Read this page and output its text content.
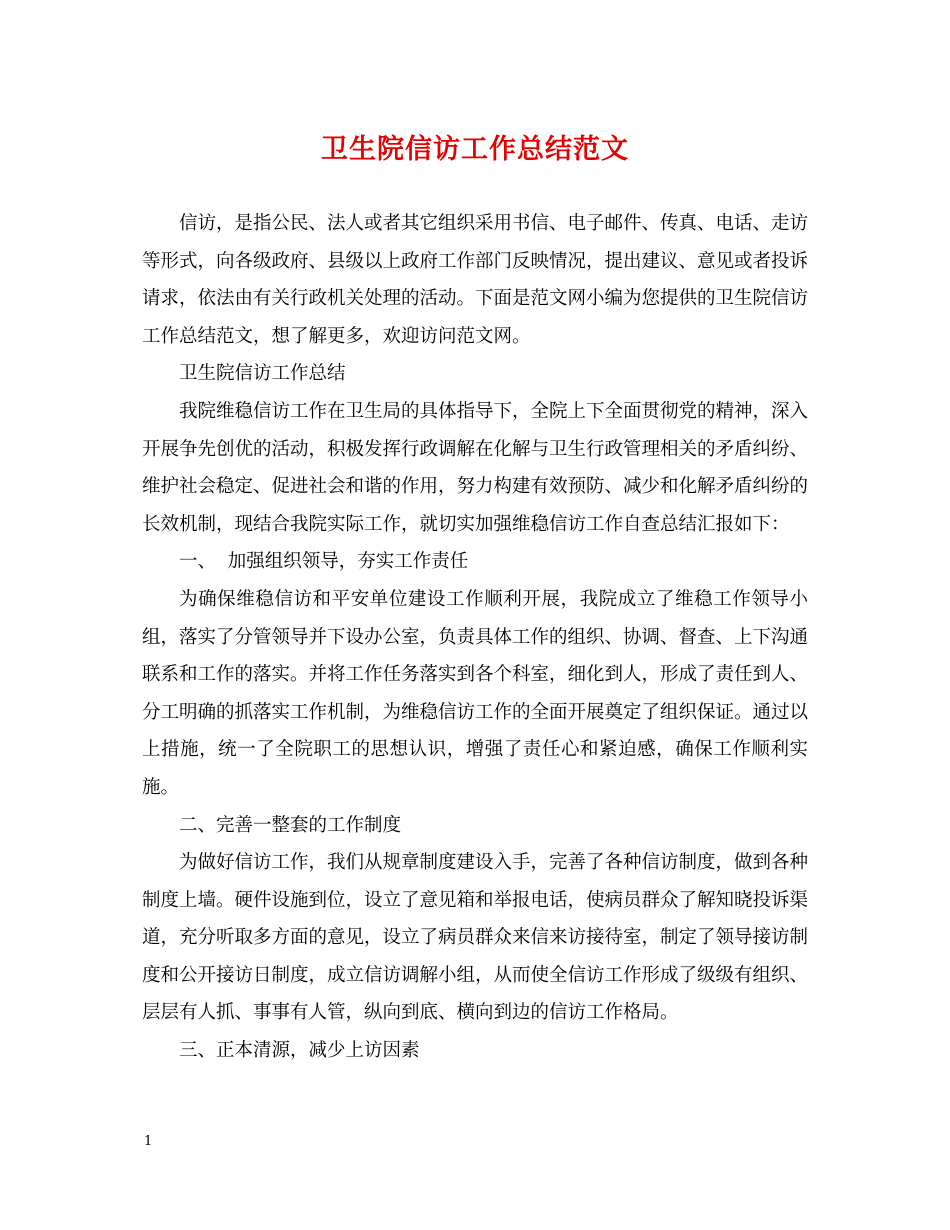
卫生院信访工作总结范文

信访，是指公民、法人或者其它组织采用书信、电子邮件、传真、电话、走访等形式，向各级政府、县级以上政府工作部门反映情况，提出建议、意见或者投诉请求，依法由有关行政机关处理的活动。下面是范文网小编为您提供的卫生院信访工作总结范文，想了解更多，欢迎访问范文网。

卫生院信访工作总结

我院维稳信访工作在卫生局的具体指导下，全院上下全面贯彻党的精神，深入开展争先创优的活动，积极发挥行政调解在化解与卫生行政管理相关的矛盾纠纷、维护社会稳定、促进社会和谐的作用，努力构建有效预防、减少和化解矛盾纠纷的长效机制，现结合我院实际工作，就切实加强维稳信访工作自查总结汇报如下：

一、  加强组织领导，夯实工作责任

为确保维稳信访和平安单位建设工作顺利开展，我院成立了维稳工作领导小组，落实了分管领导并下设办公室，负责具体工作的组织、协调、督查、上下沟通联系和工作的落实。并将工作任务落实到各个科室，细化到人，形成了责任到人、分工明确的抓落实工作机制，为维稳信访工作的全面开展奠定了组织保证。通过以上措施，统一了全院职工的思想认识，增强了责任心和紧迫感，确保工作顺利实施。

二、完善一整套的工作制度

为做好信访工作，我们从规章制度建设入手，完善了各种信访制度，做到各种制度上墙。硬件设施到位，设立了意见箱和举报电话，使病员群众了解知晓投诉渠道，充分听取多方面的意见，设立了病员群众来信来访接待室，制定了领导接访制度和公开接访日制度，成立信访调解小组，从而使全信访工作形成了级级有组织、层层有人抓、事事有人管，纵向到底、横向到边的信访工作格局。

三、正本清源，减少上访因素

1
